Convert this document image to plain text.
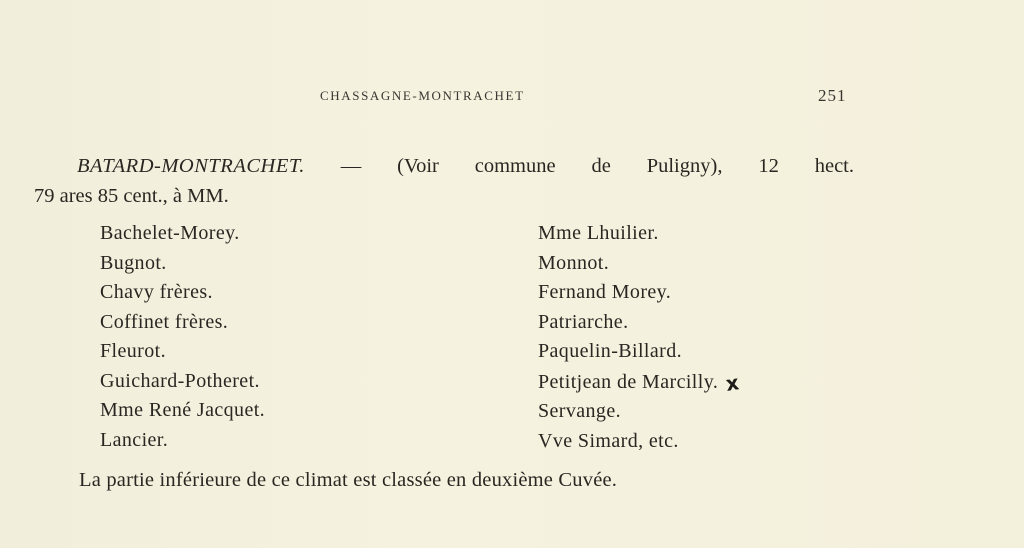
CHASSAGNE-MONTRACHET	251
BATARD-MONTRACHET. — (Voir commune de Puligny), 12 hect.
79 ares 85 cent., à MM.
Bachelet-Morey.
Bugnot.
Chavy frères.
Coffinet frères.
Fleurot.
Guichard-Potheret.
Mme René Jacquet.
Lancier.
Mme Lhuilier.
Monnot.
Fernand Morey.
Patriarche.
Paquelin-Billard.
Petitjean de Marcilly. x
Servange.
Vve Simard, etc.
La partie inférieure de ce climat est classée en deuxième Cuvée.
